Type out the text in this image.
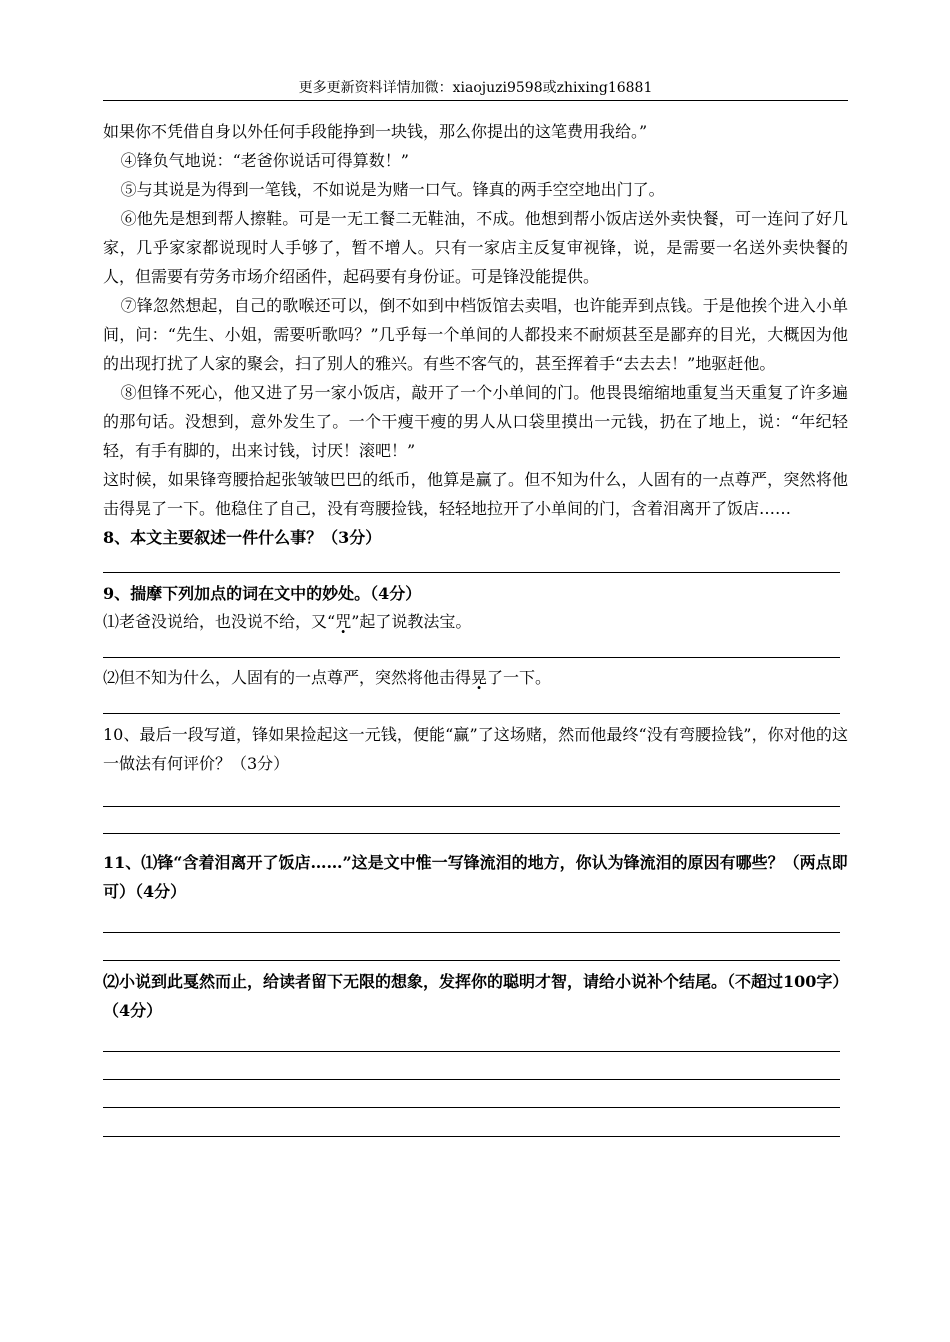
更多更新资料详情加微：xiaojuzi9598或zhixing16881

如果你不凭借自身以外任何手段能挣到一块钱，那么你提出的这笔费用我给。”

④锋负气地说：“老爸你说话可得算数！”

⑤与其说是为得到一笔钱，不如说是为赌一口气。锋真的两手空空地出门了。

⑥他先是想到帮人擦鞋。可是一无工餐二无鞋油，不成。他想到帮小饭店送外卖快餐，可一连问了好几家，几乎家家都说现时人手够了，暂不增人。只有一家店主反复审视锋，说，是需要一名送外卖快餐的人，但需要有劳务市场介绍函件，起码要有身份证。可是锋没能提供。

⑦锋忽然想起，自己的歌喉还可以，倒不如到中档饭馆去卖唱，也许能弄到点钱。于是他挨个进入小单间，问：“先生、小姐，需要听歌吗？”几乎每一个单间的人都投来不耐烦甚至是鄙弃的目光，大概因为他的出现打扰了人家的聚会，扫了别人的雅兴。有些不客气的，甚至挥着手“去去去！”地驱赶他。

⑧但锋不死心，他又进了另一家小饭店，敲开了一个小单间的门。他畏畏缩缩地重复当天重复了许多遍的那句话。没想到，意外发生了。一个干瘦干瘦的男人从口袋里摸出一元钱，扔在了地上，说：“年纪轻轻，有手有脚的，出来讨钱，讨厌！滚吧！”

这时候，如果锋弯腰拾起张皱皱巴巴的纸币，他算是赢了。但不知为什么，人固有的一点尊严，突然将他击得晃了一下。他稳住了自己，没有弯腰捡钱，轻轻地拉开了小单间的门，含着泪离开了饭店……

8、本文主要叙述一件什么事？（3分）

9、揣摩下列加点的词在文中的妙处。（4分）

⑴老爸没说给，也没说不给，又“咒”起了说教法宝。

⑵但不知为什么，人固有的一点尊严，突然将他击得晃了一下。

10、最后一段写道，锋如果捡起这一元钱，便能“赢”了这场赌，然而他最终“没有弯腰捡钱”，你对他的这一做法有何评价？（3分）

11、⑴锋“含着泪离开了饭店……”这是文中惟一写锋流泪的地方，你认为锋流泪的原因有哪些？（两点即可）（4分）

⑵小说到此戛然而止，给读者留下无限的想象，发挥你的聪明才智，请给小说补个结尾。（不超过100字）（4分）
